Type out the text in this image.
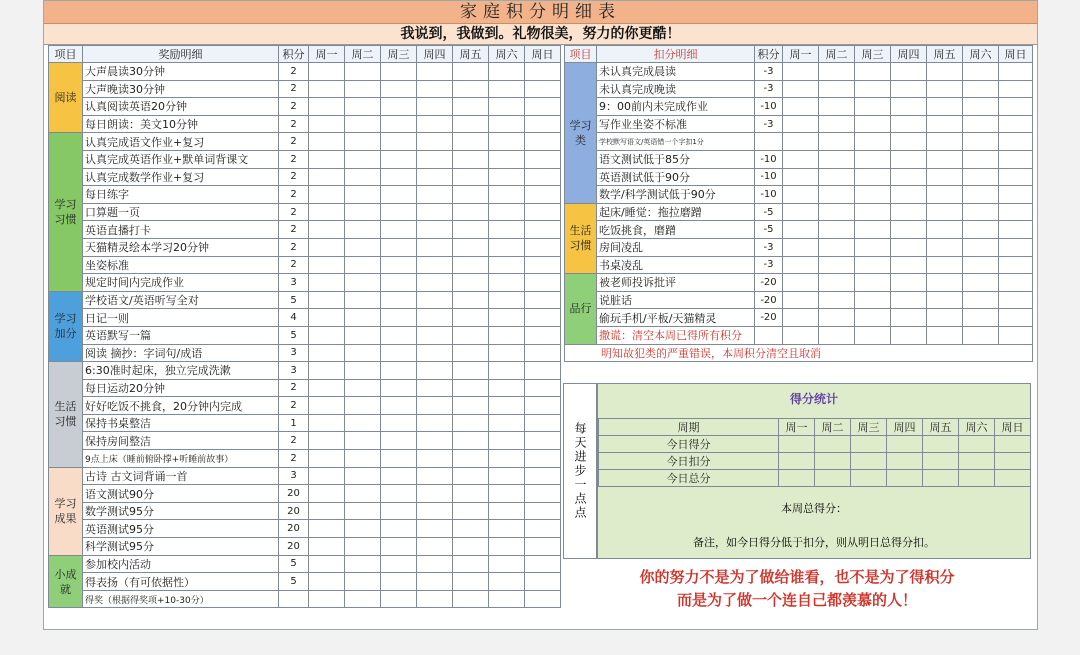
家庭积分明细表
我说到，我做到。礼物很美，努力的你更酷！
项目	奖励明细	积分	周一	周二	周三	周四	周五	周六	周日
阅读	大声晨读30分钟	2							
	大声晚读30分钟	2							
	认真阅读英语20分钟	2							
	每日朗读：美文10分钟	2							
学习习惯	认真完成语文作业+复习	2							
	认真完成英语作业+默单词背课文	2							
	认真完成数学作业+复习	2							
	每日练字	2							
	口算题一页	2							
	英语直播打卡	2							
	天猫精灵绘本学习20分钟	2							
	坐姿标准	2							
	规定时间内完成作业	3							
学习加分	学校语文/英语听写全对	5							
	日记一则	4							
	英语默写一篇	5							
	阅读 摘抄：字词句/成语	3							
生活习惯	6:30准时起床，独立完成洗漱	3							
	每日运动20分钟	2							
	好好吃饭不挑食，20分钟内完成	2							
	保持书桌整洁	1							
	保持房间整洁	2							
	9点上床（睡前俯卧撑+听睡前故事）	2							
学习成果	古诗 古文词背诵一首	3							
	语文测试90分	20							
	数学测试95分	20							
	英语测试95分	20							
	科学测试95分	20							
小成就	参加校内活动	5							
	得表扬（有可依据性）	5							
	得奖（根据得奖项+10-30分）								
项目	扣分明细	积分	周一	周二	周三	周四	周五	周六	周日
学习类	未认真完成晨读	-3							
	未认真完成晚读	-3							
	9：00前内未完成作业	-10							
	写作业坐姿不标准	-3							
	学校默写语文/英语错一个字扣1分								
	语文测试低于85分	-10							
	英语测试低于90分	-10							
	数学/科学测试低于90分	-10							
生活习惯	起床/睡觉：拖拉磨蹭	-5							
	吃饭挑食，磨蹭	-5							
	房间凌乱	-3							
	书桌凌乱	-3							
品行	被老师投诉批评	-20							
	说脏话	-20							
	偷玩手机/平板/天猫精灵	-20							
	撒谎：清空本周已得所有积分								
明知故犯类的严重错误，本周积分清空且取消									
每天进步一点点
得分统计
周期	周一	周二	周三	周四	周五	周六	周日
今日得分							
今日扣分							
今日总分							
本周总得分：
备注，如今日得分低于扣分，则从明日总得分扣。
你的努力不是为了做给谁看，也不是为了得积分
而是为了做一个连自己都羡慕的人！
